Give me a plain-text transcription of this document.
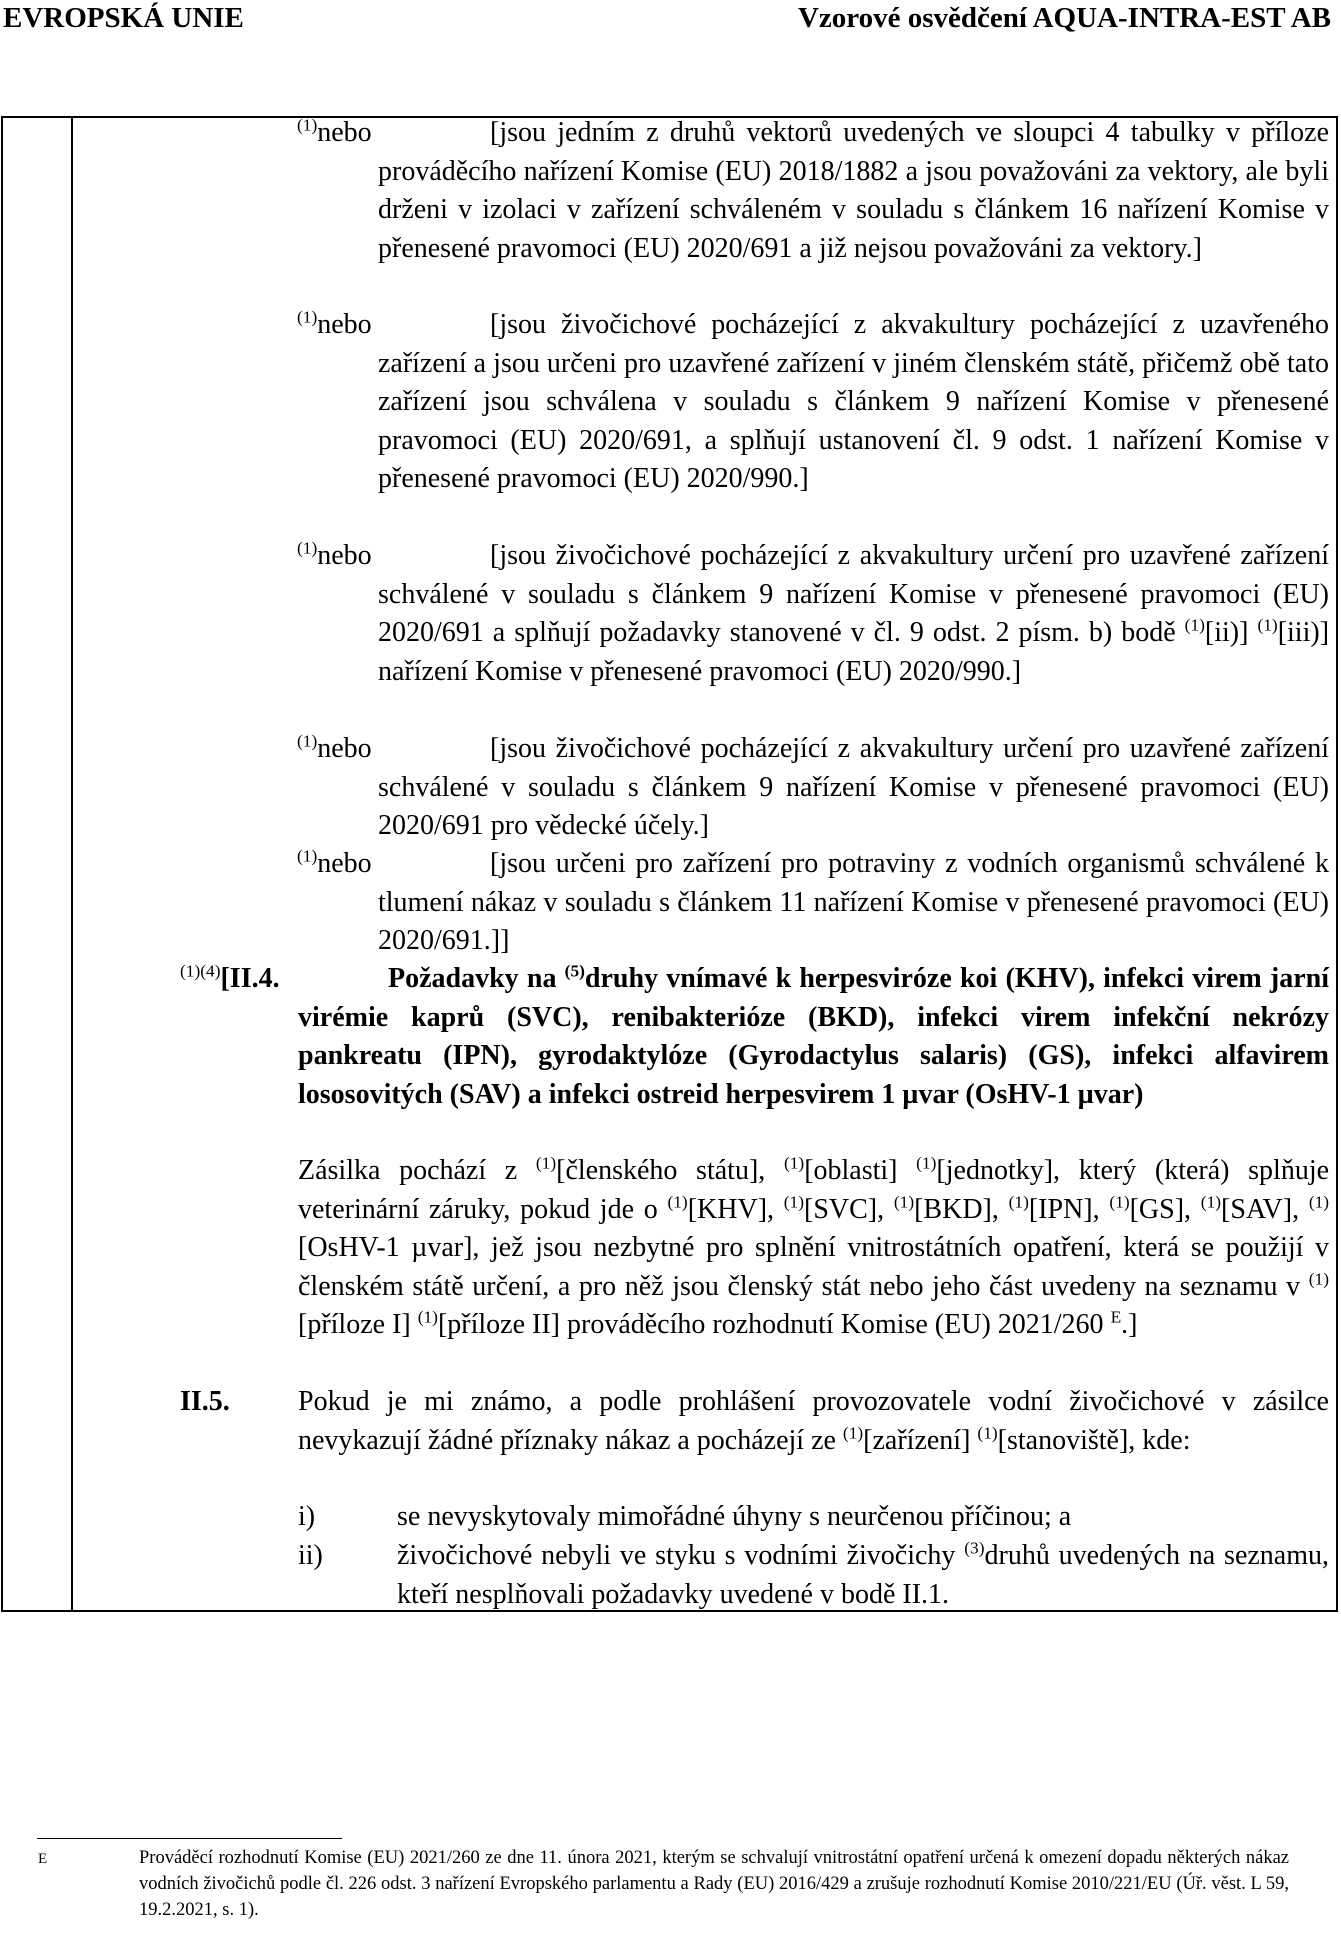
EVROPSKÁ UNIE	Vzorové osvědčení AQUA-INTRA-EST AB
$^{(1)}$nebo	[jsou jedním z druhů vektorů uvedených ve sloupci 4 tabulky v příloze prováděcího nařízení Komise (EU) 2018/1882 a jsou považováni za vektory, ale byli drženi v izolaci v zařízení schváleném v souladu s článkem 16 nařízení Komise v přenesené pravomoci (EU) 2020/691 a již nejsou považováni za vektory.]
$^{(1)}$nebo	[jsou živočichové pocházející z akvakultury pocházející z uzavřeného zařízení a jsou určeni pro uzavřené zařízení v jiném členském státě, přičemž obě tato zařízení jsou schválena v souladu s článkem 9 nařízení Komise v přenesené pravomoci (EU) 2020/691, a splňují ustanovení čl. 9 odst. 1 nařízení Komise v přenesené pravomoci (EU) 2020/990.]
$^{(1)}$nebo	[jsou živočichové pocházející z akvakultury určení pro uzavřené zařízení schválené v souladu s článkem 9 nařízení Komise v přenesené pravomoci (EU) 2020/691 a splňují požadavky stanovené v čl. 9 odst. 2 písm. b) bodě $^{(1)}$[ii)] $^{(1)}$[iii)] nařízení Komise v přenesené pravomoci (EU) 2020/990.]
$^{(1)}$nebo	[jsou živočichové pocházející z akvakultury určení pro uzavřené zařízení schválené v souladu s článkem 9 nařízení Komise v přenesené pravomoci (EU) 2020/691 pro vědecké účely.]
$^{(1)}$nebo	[jsou určeni pro zařízení pro potraviny z vodních organismů schválené k tlumení nákaz v souladu s článkem 11 nařízení Komise v přenesené pravomoci (EU) 2020/691.]]
$^{(1)(4)}$[II.4.	Požadavky na $^{(5)}$druhy vnímavé k herpesviróze koi (KHV), infekci virem jarní virémie kaprů (SVC), renibakterióze (BKD), infekci virem infekční nekrózy pankreatu (IPN), gyrodaktylóze (Gyrodactylus salaris) (GS), infekci alfavirem lososovitých (SAV) a infekci ostreid herpesvirem 1 µvar (OsHV-1 µvar)
Zásilka pochází z $^{(1)}$[členského státu], $^{(1)}$[oblasti] $^{(1)}$[jednotky], který (která) splňuje veterinární záruky, pokud jde o $^{(1)}$[KHV], $^{(1)}$[SVC], $^{(1)}$[BKD], $^{(1)}$[IPN], $^{(1)}$[GS], $^{(1)}$[SAV], $^{(1)}$[OsHV-1 µvar], jež jsou nezbytné pro splnění vnitrostátních opatření, která se použijí v členském státě určení, a pro něž jsou členský stát nebo jeho část uvedeny na seznamu v $^{(1)}$[příloze I] $^{(1)}$[příloze II] prováděcího rozhodnutí Komise (EU) 2021/260 $^E$.]
II.5. Pokud je mi známo, a podle prohlášení provozovatele vodní živočichové v zásilce nevykazují žádné příznaky nákaz a pocházejí ze $^{(1)}$[zařízení] $^{(1)}$[stanoviště], kde:
i)	se nevyskytovaly mimořádné úhyny s neurčenou příčinou; a
ii)	živočichové nebyli ve styku s vodními živočichy $^{(3)}$druhů uvedených na seznamu, kteří nesplňovali požadavky uvedené v bodě II.1.
E	Prováděcí rozhodnutí Komise (EU) 2021/260 ze dne 11. února 2021, kterým se schvalují vnitrostátní opatření určená k omezení dopadu některých nákaz vodních živočichů podle čl. 226 odst. 3 nařízení Evropského parlamentu a Rady (EU) 2016/429 a zrušuje rozhodnutí Komise 2010/221/EU (Úř. věst. L 59, 19.2.2021, s. 1).
